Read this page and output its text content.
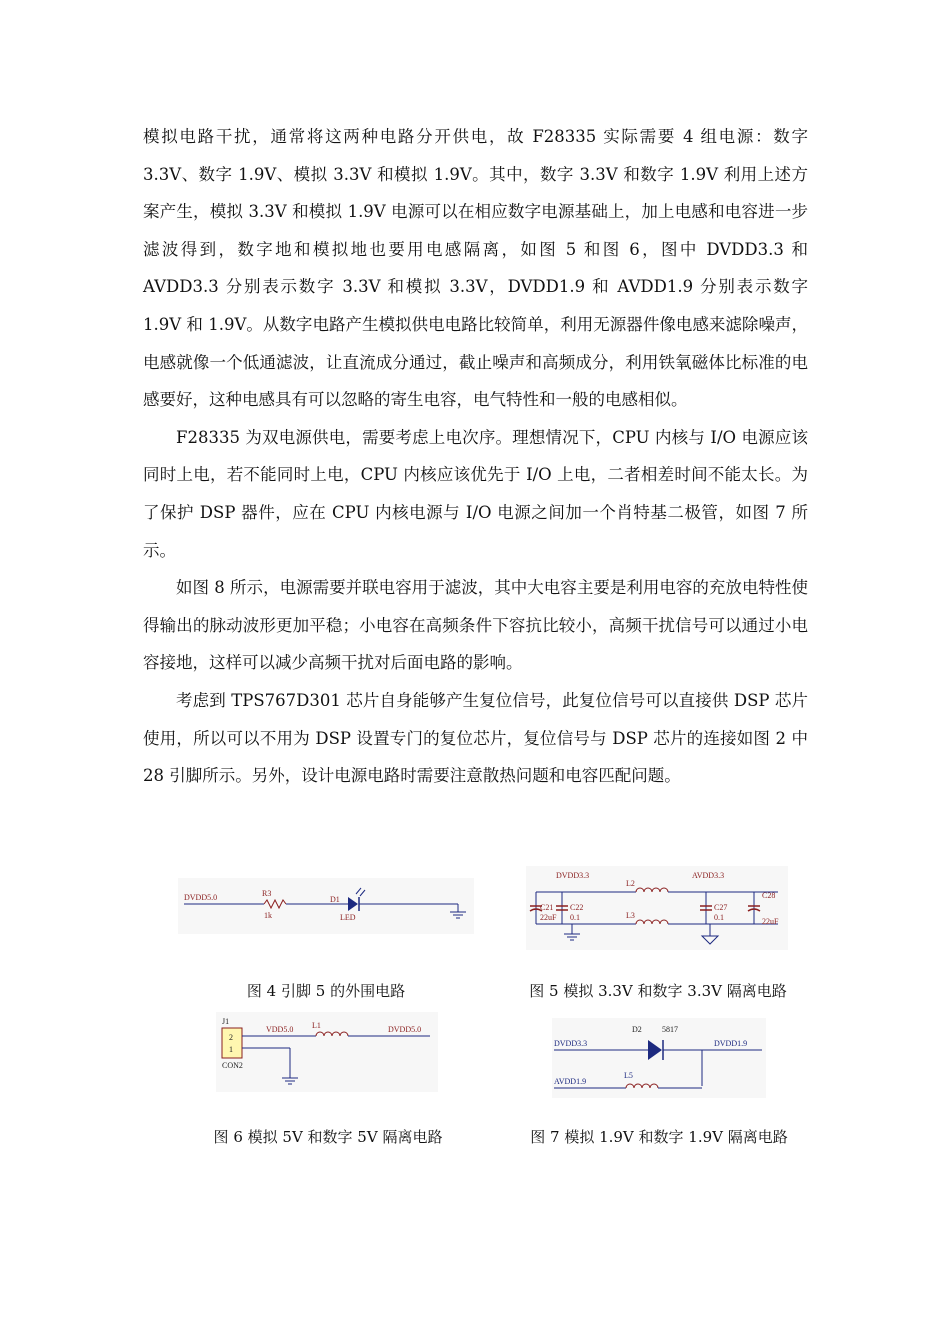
模拟电路干扰，通常将这两种电路分开供电，故 F28335 实际需要 4 组电源：数字 3.3V、数字 1.9V、模拟 3.3V 和模拟 1.9V。其中，数字 3.3V 和数字 1.9V 利用上述方案产生，模拟 3.3V 和模拟 1.9V 电源可以在相应数字电源基础上，加上电感和电容进一步滤波得到，数字地和模拟地也要用电感隔离，如图 5 和图 6，图中 DVDD3.3 和 AVDD3.3 分别表示数字 3.3V 和模拟 3.3V，DVDD1.9 和 AVDD1.9 分别表示数字 1.9V 和 1.9V。从数字电路产生模拟供电电路比较简单，利用无源器件像电感来滤除噪声，电感就像一个低通滤波，让直流成分通过，截止噪声和高频成分，利用铁氧磁体比标准的电感要好，这种电感具有可以忽略的寄生电容，电气特性和一般的电感相似。

F28335 为双电源供电，需要考虑上电次序。理想情况下，CPU 内核与 I/O 电源应该同时上电，若不能同时上电，CPU 内核应该优先于 I/O 上电，二者相差时间不能太长。为了保护 DSP 器件，应在 CPU 内核电源与 I/O 电源之间加一个肖特基二极管，如图 7 所示。

如图 8 所示，电源需要并联电容用于滤波，其中大电容主要是利用电容的充放电特性使得输出的脉动波形更加平稳；小电容在高频条件下容抗比较小，高频干扰信号可以通过小电容接地，这样可以减少高频干扰对后面电路的影响。

考虑到 TPS767D301 芯片自身能够产生复位信号，此复位信号可以直接供 DSP 芯片使用，所以可以不用为 DSP 设置专门的复位芯片，复位信号与 DSP 芯片的连接如图 2 中 28 引脚所示。另外，设计电源电路时需要注意散热问题和电容匹配问题。

DVDD5.0	R3
1k
D1
LED
图 4 引脚 5 的外围电路
DVDD3.3	AVDD3.3
L2
L3
C21
22uF
C22
0.1
C27
0.1
C28
22uF
图 5 模拟 3.3V 和数字 3.3V 隔离电路
J1
2
1
CON2
VDD5.0 L1	DVDD5.0
图 6 模拟 5V 和数字 5V 隔离电路
D2	5817
DVDD3.3	DVDD1.9
AVDD1.9
L5
图 7 模拟 1.9V 和数字 1.9V 隔离电路
